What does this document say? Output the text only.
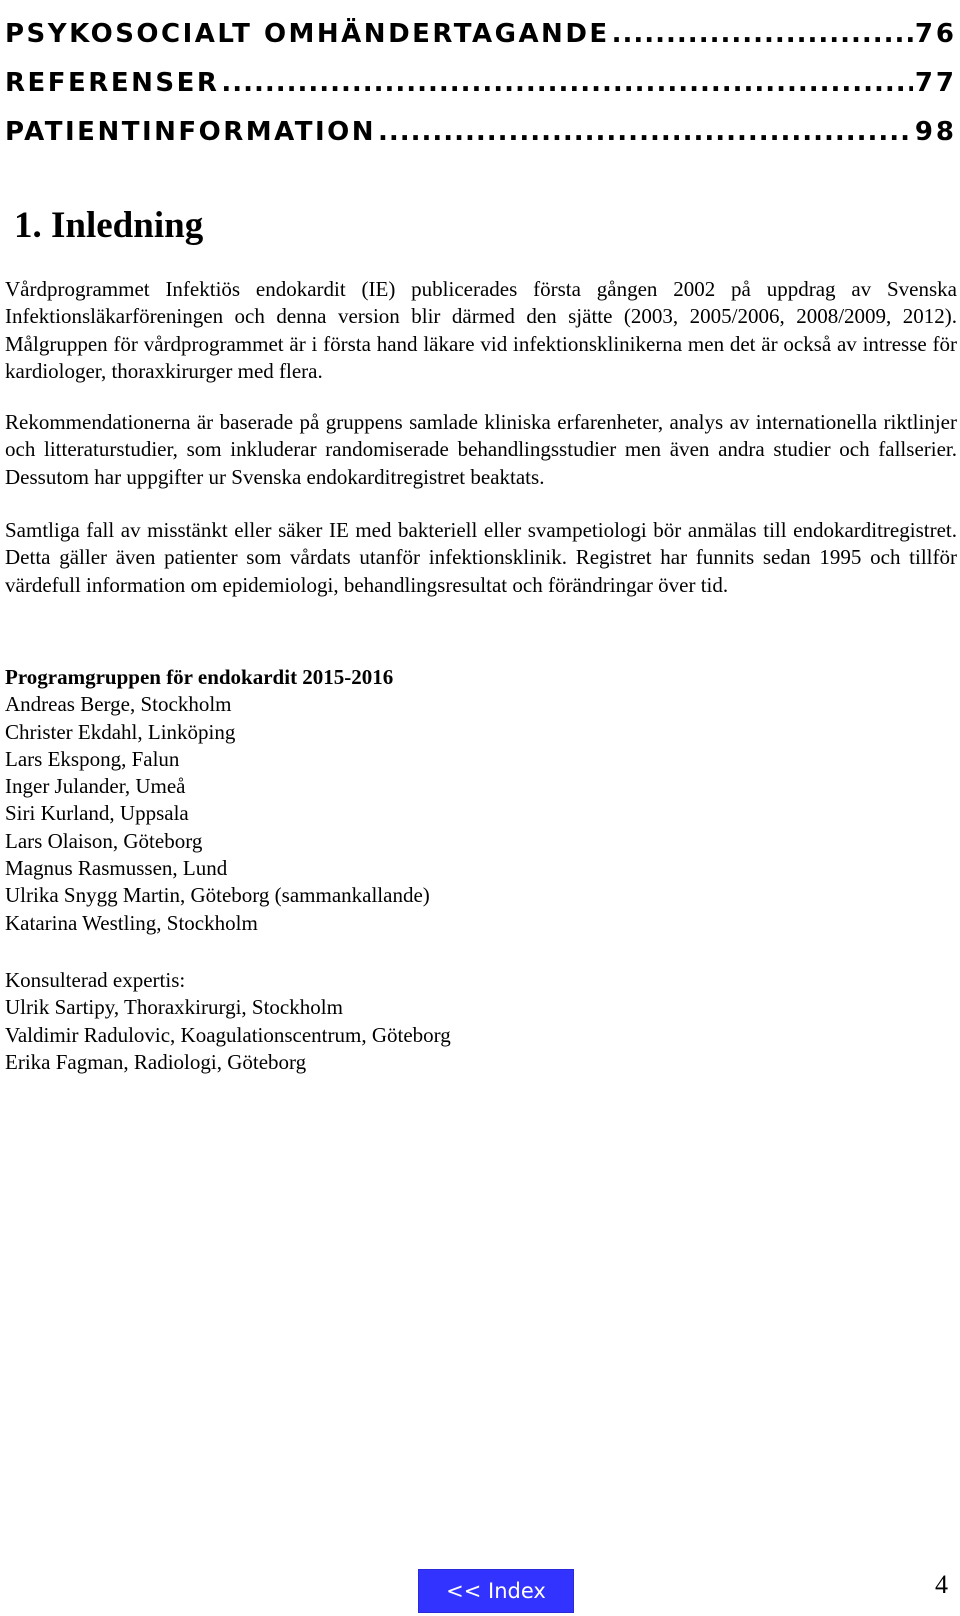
PSYKOSOCIALT OMHÄNDERTAGANDE .....	76
REFERENSER .....	77
PATIENTINFORMATION .....	98
1. Inledning

Vårdprogrammet Infektiös endokardit (IE) publicerades första gången 2002 på uppdrag av Svenska Infektionsläkarföreningen och denna version blir därmed den sjätte (2003, 2005/2006, 2008/2009, 2012). Målgruppen för vårdprogrammet är i första hand läkare vid infektionsklinikerna men det är också av intresse för kardiologer, thoraxkirurger med flera.

Rekommendationerna är baserade på gruppens samlade kliniska erfarenheter, analys av internationella riktlinjer och litteraturstudier, som inkluderar randomiserade behandlingsstudier men även andra studier och fallserier. Dessutom har uppgifter ur Svenska endokarditregistret beaktats.

Samtliga fall av misstänkt eller säker IE med bakteriell eller svampetiologi bör anmälas till endokarditregistret. Detta gäller även patienter som vårdats utanför infektionsklinik. Registret har funnits sedan 1995 och tillför värdefull information om epidemiologi, behandlingsresultat och förändringar över tid.

Programgruppen för endokardit 2015-2016
Andreas Berge, Stockholm
Christer Ekdahl, Linköping
Lars Ekspong, Falun
Inger Julander, Umeå
Siri Kurland, Uppsala
Lars Olaison, Göteborg
Magnus Rasmussen, Lund
Ulrika Snygg Martin, Göteborg (sammankallande)
Katarina Westling, Stockholm
Konsulterad expertis:
Ulrik Sartipy, Thoraxkirurgi, Stockholm
Valdimir Radulovic, Koagulationscentrum, Göteborg
Erika Fagman, Radiologi, Göteborg
<< Index	4
